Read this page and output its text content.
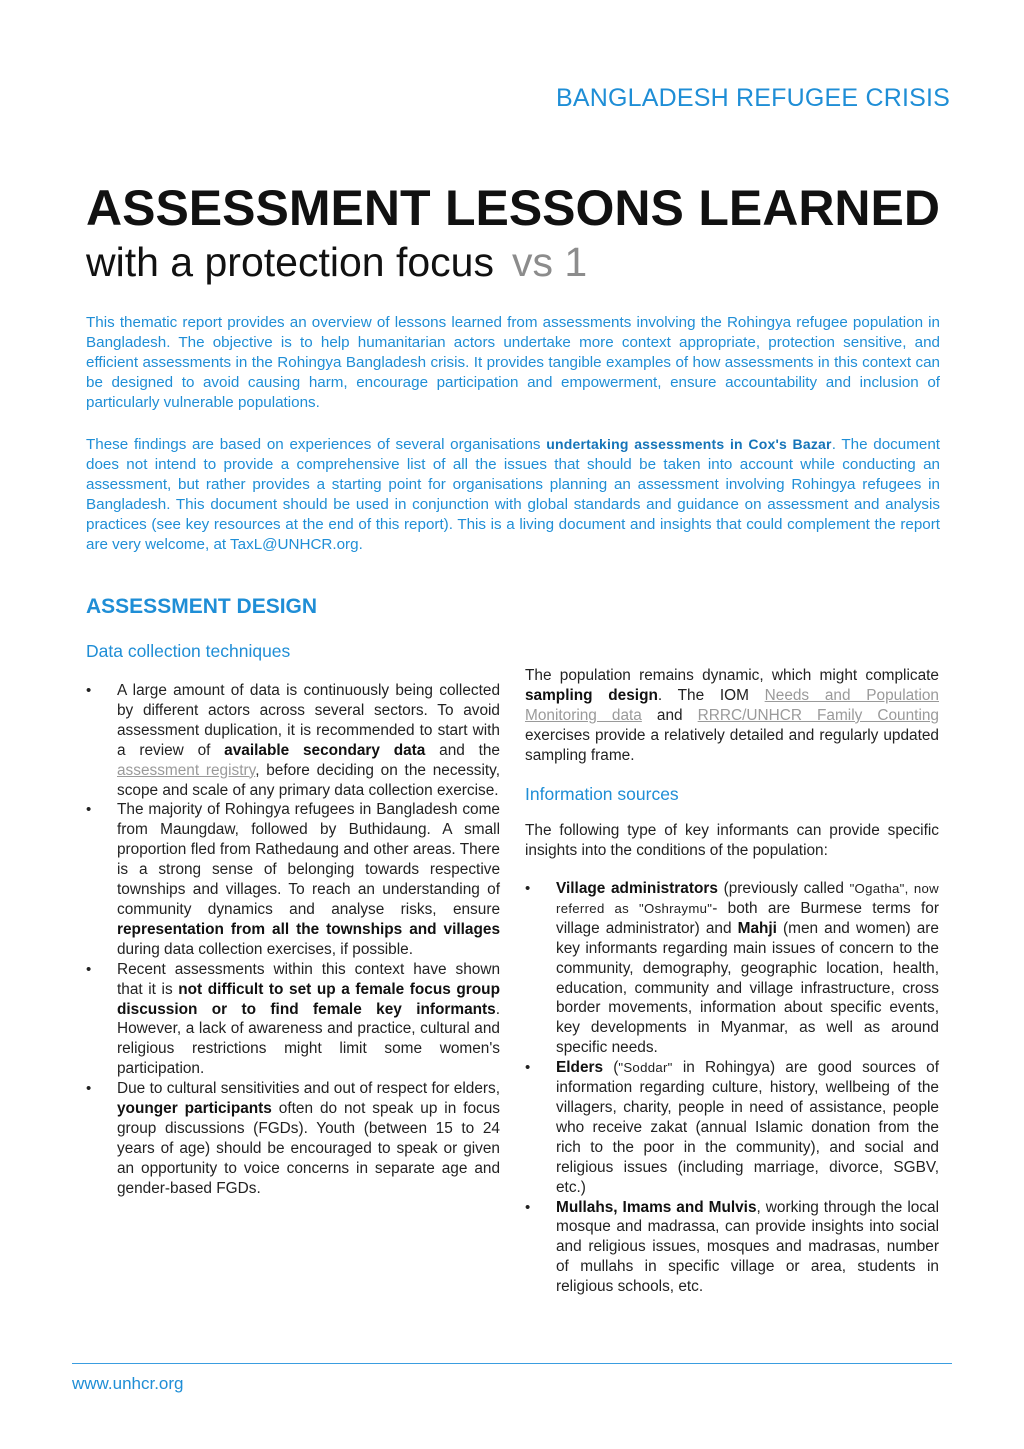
BANGLADESH REFUGEE CRISIS
ASSESSMENT LESSONS LEARNED
with a protection focus vs 1

This thematic report provides an overview of lessons learned from assessments involving the Rohingya refugee population in Bangladesh. The objective is to help humanitarian actors undertake more context appropriate, protection sensitive, and efficient assessments in the Rohingya Bangladesh crisis. It provides tangible examples of how assessments in this context can be designed to avoid causing harm, encourage participation and empowerment, ensure accountability and inclusion of particularly vulnerable populations.

These findings are based on experiences of several organisations undertaking assessments in Cox's Bazar. The document does not intend to provide a comprehensive list of all the issues that should be taken into account while conducting an assessment, but rather provides a starting point for organisations planning an assessment involving Rohingya refugees in Bangladesh. This document should be used in conjunction with global standards and guidance on assessment and analysis practices (see key resources at the end of this report). This is a living document and insights that could complement the report are very welcome, at TaxL@UNHCR.org.

ASSESSMENT DESIGN
Data collection techniques
• A large amount of data is continuously being collected by different actors across several sectors. To avoid assessment duplication, it is recommended to start with a review of available secondary data and the assessment registry, before deciding on the necessity, scope and scale of any primary data collection exercise.
• The majority of Rohingya refugees in Bangladesh come from Maungdaw, followed by Buthidaung. A small proportion fled from Rathedaung and other areas. There is a strong sense of belonging towards respective townships and villages. To reach an understanding of community dynamics and analyse risks, ensure representation from all the townships and villages during data collection exercises, if possible.
• Recent assessments within this context have shown that it is not difficult to set up a female focus group discussion or to find female key informants. However, a lack of awareness and practice, cultural and religious restrictions might limit some women's participation.
• Due to cultural sensitivities and out of respect for elders, younger participants often do not speak up in focus group discussions (FGDs). Youth (between 15 to 24 years of age) should be encouraged to speak or given an opportunity to voice concerns in separate age and gender-based FGDs.

The population remains dynamic, which might complicate sampling design. The IOM Needs and Population Monitoring data and RRRC/UNHCR Family Counting exercises provide a relatively detailed and regularly updated sampling frame.

Information sources

The following type of key informants can provide specific insights into the conditions of the population:

• Village administrators (previously called "Ogatha", now referred as "Oshraymu"- both are Burmese terms for village administrator) and Mahji (men and women) are key informants regarding main issues of concern to the community, demography, geographic location, health, education, community and village infrastructure, cross border movements, information about specific events, key developments in Myanmar, as well as around specific needs.
• Elders ("Soddar" in Rohingya) are good sources of information regarding culture, history, wellbeing of the villagers, charity, people in need of assistance, people who receive zakat (annual Islamic donation from the rich to the poor in the community), and social and religious issues (including marriage, divorce, SGBV, etc.)
• Mullahs, Imams and Mulvis, working through the local mosque and madrassa, can provide insights into social and religious issues, mosques and madrasas, number of mullahs in specific village or area, students in religious schools, etc.
www.unhcr.org
